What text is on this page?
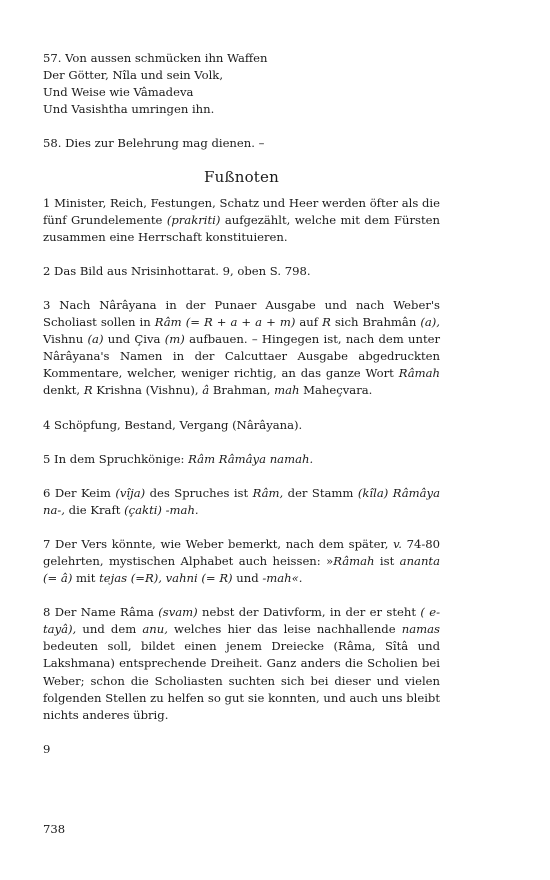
57. Von aussen schmücken ihn Waffen

Der Götter, Nîla und sein Volk,

Und Weise wie Vâmadeva

Und Vasishtha umringen ihn.

58. Dies zur Belehrung mag dienen. –

Fußnoten

1 Minister, Reich, Festungen, Schatz und Heer werden öfter als die fünf Grundelemente (prakriti) aufgezählt, welche mit dem Fürsten zusammen eine Herrschaft konstituieren.

2 Das Bild aus Nrisinhottarat. 9, oben S. 798.

3 Nach Nârâyana in der Punaer Ausgabe und nach Weber's Scholiast sollen in Râm (= R + a + a + m) auf R sich Brahmân (a), Vishnu (a) und Çiva (m) aufbauen. – Hingegen ist, nach dem unter Nârâyana's Namen in der Calcuttaer Ausgabe abgedruckten Kommentare, welcher, weniger richtig, an das ganze Wort Râmah denkt, R Krishna (Vishnu), â Brahman, mah Maheçvara.

4 Schöpfung, Bestand, Vergang (Nârâyana).

5 In dem Spruchkönige: Râm Râmâya namah.

6 Der Keim (vîja) des Spruches ist Râm, der Stamm (kîla) Râmâya na-, die Kraft (çakti) -mah.

7 Der Vers könnte, wie Weber bemerkt, nach dem später, v. 74-80 gelehrten, mystischen Alphabet auch heissen: »Râmah ist ananta (= â) mit tejas (=R), vahni (= R) und -mah«.

8 Der Name Râma (svam) nebst der Dativform, in der er steht ( e-tayâ), und dem anu, welches hier das leise nachhallende namas bedeuten soll, bildet einen jenem Dreiecke (Râma, Sîtâ und Lakshmana) entsprechende Dreiheit. Ganz anders die Scholien bei Weber; schon die Scholiasten suchten sich bei dieser und vielen folgenden Stellen zu helfen so gut sie konnten, und auch uns bleibt nichts anderes übrig.

9

738
